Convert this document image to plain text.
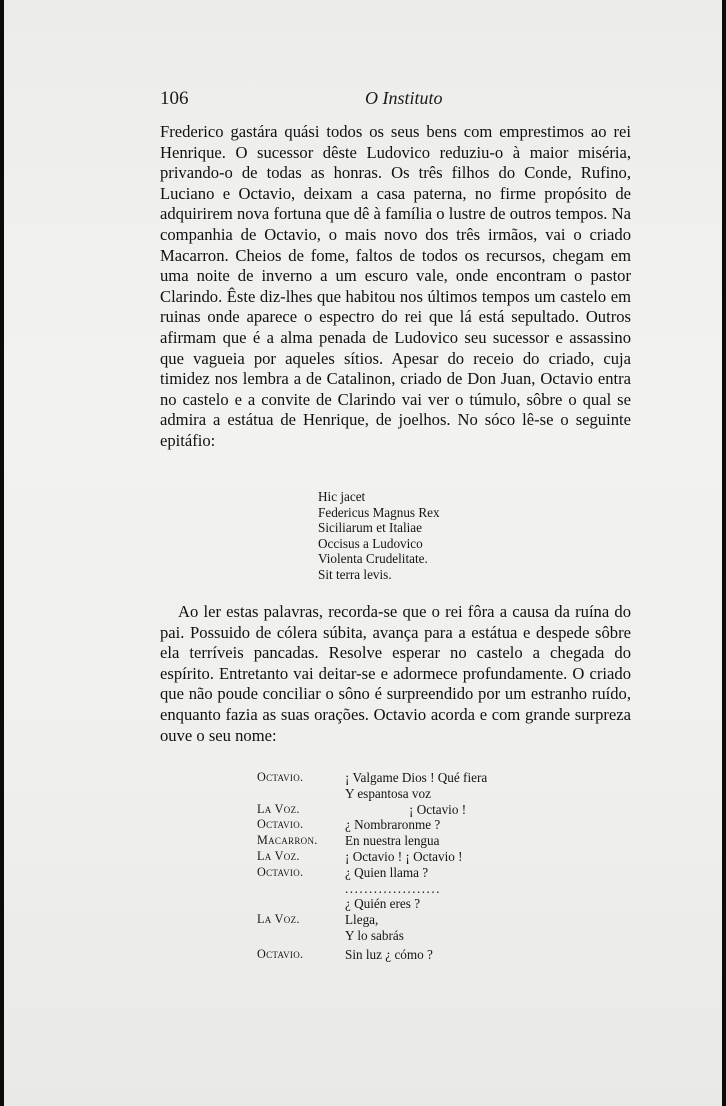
106	O Instituto

Frederico gastára quási todos os seus bens com emprestimos ao rei Henrique. O sucessor dêste Ludovico reduziu-o à maior miséria, privando-o de todas as honras. Os três filhos do Conde, Rufino, Luciano e Octavio, deixam a casa paterna, no firme propósito de adquirirem nova fortuna que dê à família o lustre de outros tempos. Na companhia de Octavio, o mais novo dos três irmãos, vai o criado Macarron. Cheios de fome, faltos de todos os recursos, chegam em uma noite de inverno a um escuro vale, onde encontram o pastor Clarindo. Êste diz-lhes que habitou nos últimos tempos um castelo em ruinas onde aparece o espectro do rei que lá está sepultado. Outros afirmam que é a alma penada de Ludovico seu sucessor e assassino que vagueia por aqueles sítios. Apesar do receio do criado, cuja timidez nos lembra a de Catalinon, criado de Don Juan, Octavio entra no castelo e a convite de Clarindo vai ver o túmulo, sôbre o qual se admira a estátua de Henrique, de joelhos. No sóco lê-se o seguinte epitáfio:

Hic jacet
Federicus Magnus Rex
Siciliarum et Italiae
Occisus a Ludovico
Violenta Crudelitate.
Sit terra levis.

Ao ler estas palavras, recorda-se que o rei fôra a causa da ruína do pai. Possuido de cólera súbita, avança para a estátua e despede sôbre ela terríveis pancadas. Resolve esperar no castelo a chegada do espírito. Entretanto vai deitar-se e adormece profundamente. O criado que não poude conciliar o sôno é surpreendido por um estranho ruído, enquanto fazia as suas orações. Octavio acorda e com grande surpreza ouve o seu nome:

Octavio.	¡ Valgame Dios ! Qué fiera
Y espantosa voz
La Voz.	¡ Octavio !
Octavio.	¿ Nombraronme ?
Macarron.	En nuestra lengua
La Voz.	¡ Octavio ! ¡ Octavio !
Octavio.	¿ Quien llama ?
....................
¿ Quién eres ?
La Voz.	Llega,
Y lo sabrás
Octavio.	Sin luz ¿ cómo ?
